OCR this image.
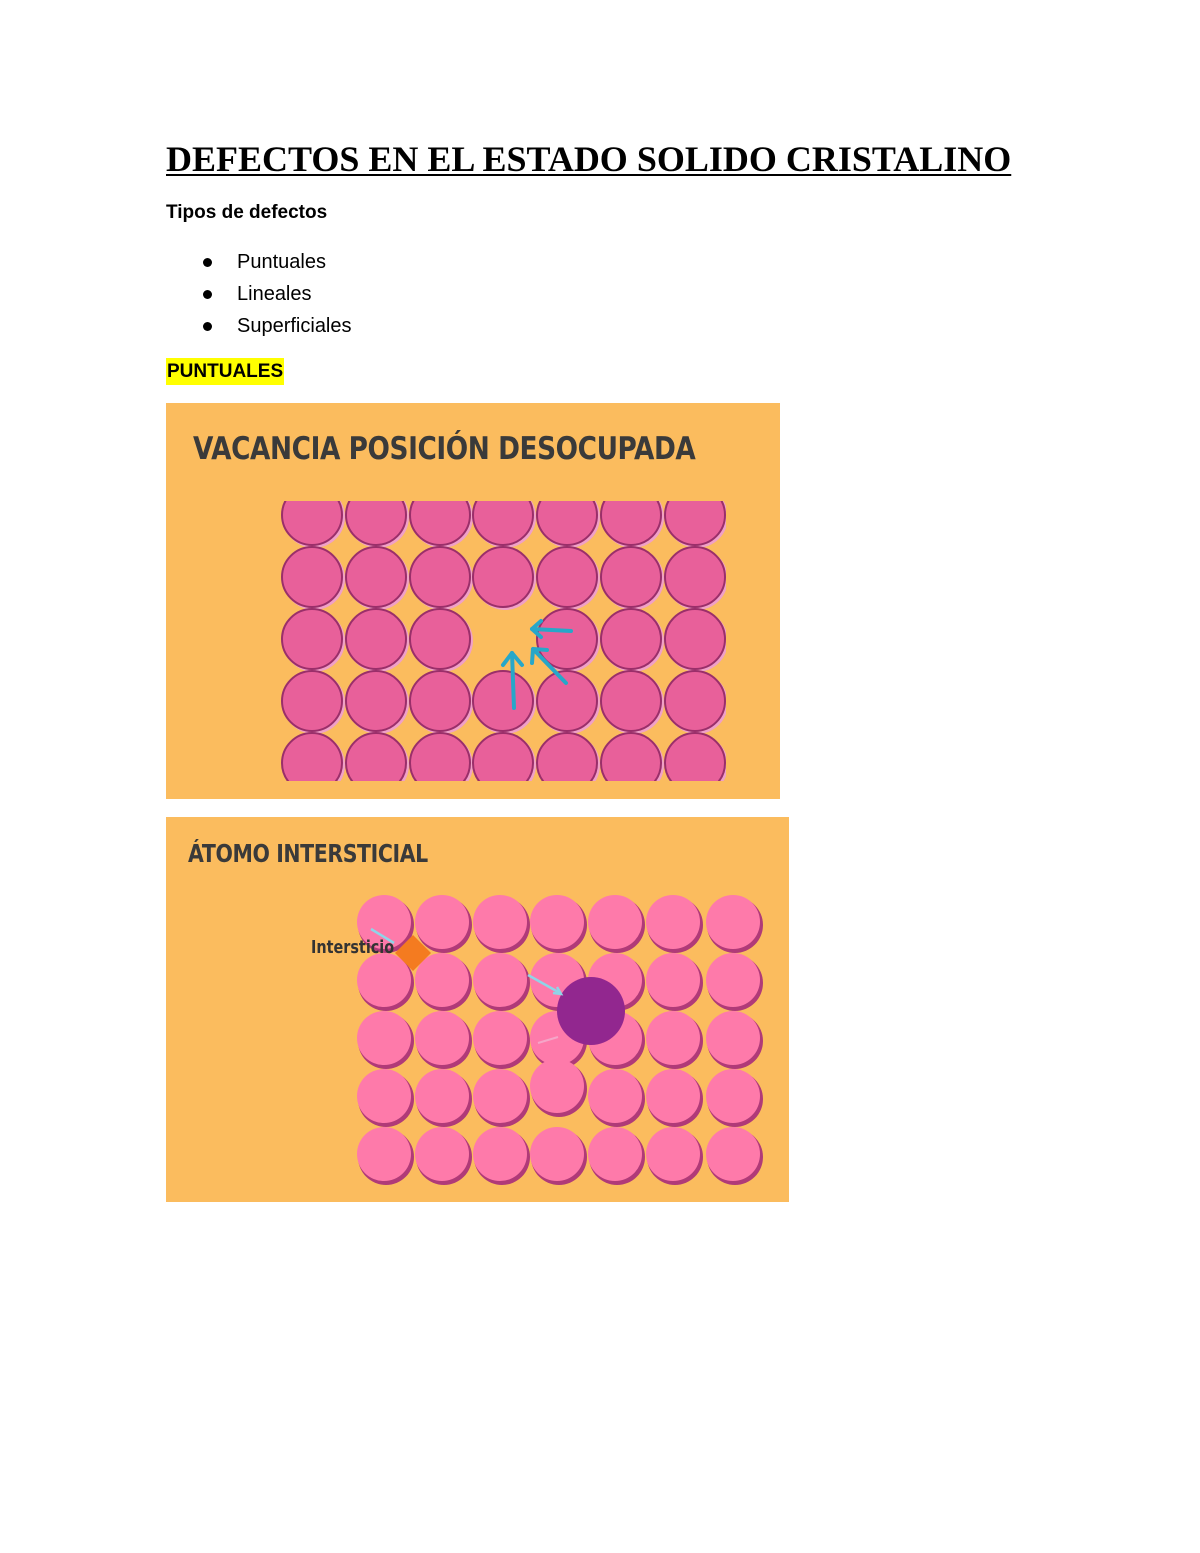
DEFECTOS EN EL ESTADO SOLIDO CRISTALINO

Tipos de defectos

Puntuales
Lineales
Superficiales

PUNTUALES

VACANCIA POSICIÓN DESOCUPADA

ÁTOMO INTERSTICIAL

Intersticio
